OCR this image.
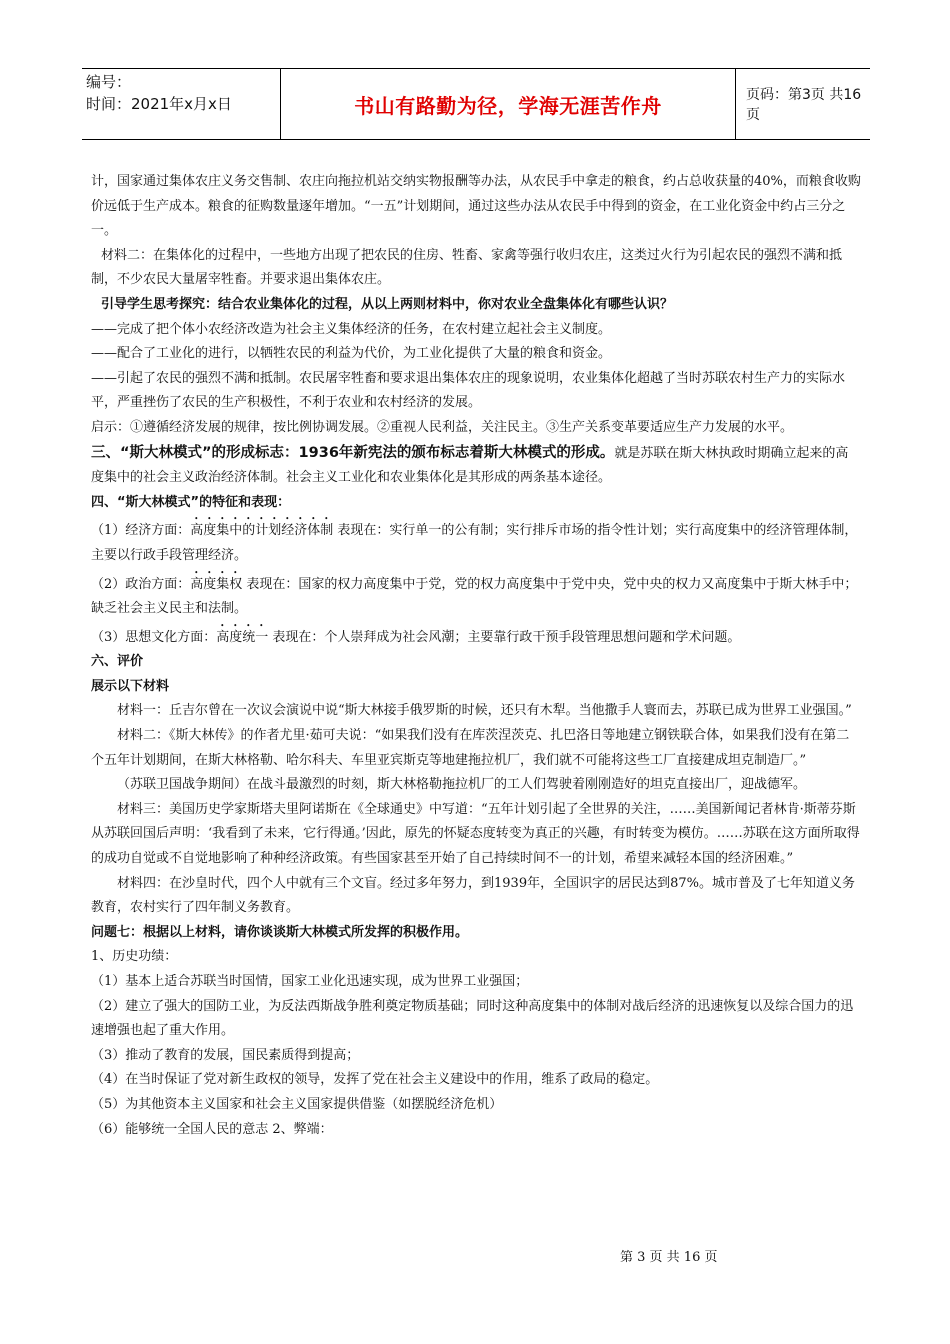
编号：
时间：2021年x月x日	书山有路勤为径，学海无涯苦作舟	页码：第3页 共16页

计，国家通过集体农庄义务交售制、农庄向拖拉机站交纳实物报酬等办法，从农民手中拿走的粮食，约占总收获量的40%，而粮食收购价远低于生产成本。粮食的征购数量逐年增加。“一五”计划期间，通过这些办法从农民手中得到的资金，在工业化资金中约占三分之一。

材料二：在集体化的过程中，一些地方出现了把农民的住房、牲畜、家禽等强行收归农庄，这类过火行为引起农民的强烈不满和抵制，不少农民大量屠宰牲畜。并要求退出集体农庄。

引导学生思考探究：结合农业集体化的过程，从以上两则材料中，你对农业全盘集体化有哪些认识？

——完成了把个体小农经济改造为社会主义集体经济的任务，在农村建立起社会主义制度。

——配合了工业化的进行，以牺牲农民的利益为代价，为工业化提供了大量的粮食和资金。

——引起了农民的强烈不满和抵制。农民屠宰牲畜和要求退出集体农庄的现象说明，农业集体化超越了当时苏联农村生产力的实际水平，严重挫伤了农民的生产积极性，不利于农业和农村经济的发展。

启示：①遵循经济发展的规律，按比例协调发展。②重视人民利益，关注民主。③生产关系变革要适应生产力发展的水平。

三、“斯大林模式”的形成标志：1936年新宪法的颁布标志着斯大林模式的形成。就是苏联在斯大林执政时期确立起来的高度集中的社会主义政治经济体制。社会主义工业化和农业集体化是其形成的两条基本途径。

四、“斯大林模式”的特征和表现：

（1）经济方面：高度集中的计划经济体制 表现在：实行单一的公有制；实行排斥市场的指令性计划；实行高度集中的经济管理体制，主要以行政手段管理经济。

（2）政治方面：高度集权 表现在：国家的权力高度集中于党，党的权力高度集中于党中央，党中央的权力又高度集中于斯大林手中；缺乏社会主义民主和法制。

（3）思想文化方面：高度统一 表现在：个人崇拜成为社会风潮；主要靠行政干预手段管理思想问题和学术问题。

六、评价

展示以下材料

材料一：丘吉尔曾在一次议会演说中说“斯大林接手俄罗斯的时候，还只有木犁。当他撒手人寰而去，苏联已成为世界工业强国。”

材料二：《斯大林传》的作者尤里·茹可夫说：“如果我们没有在库茨涅茨克、扎巴洛日等地建立钢铁联合体，如果我们没有在第二个五年计划期间，在斯大林格勒、哈尔科夫、车里亚宾斯克等地建拖拉机厂，我们就不可能将这些工厂直接建成坦克制造厂。”

（苏联卫国战争期间）在战斗最激烈的时刻，斯大林格勒拖拉机厂的工人们驾驶着刚刚造好的坦克直接出厂，迎战德军。

材料三：美国历史学家斯塔夫里阿诺斯在《全球通史》中写道：“五年计划引起了全世界的关注，……美国新闻记者林肯·斯蒂芬斯从苏联回国后声明：‘我看到了未来，它行得通。’因此，原先的怀疑态度转变为真正的兴趣，有时转变为模仿。……苏联在这方面所取得的成功自觉或不自觉地影响了种种经济政策。有些国家甚至开始了自己持续时间不一的计划，希望来减轻本国的经济困难。”

材料四：在沙皇时代，四个人中就有三个文盲。经过多年努力，到1939年，全国识字的居民达到87%。城市普及了七年知道义务教育，农村实行了四年制义务教育。

问题七：根据以上材料，请你谈谈斯大林模式所发挥的积极作用。

1、历史功绩：

（1）基本上适合苏联当时国情，国家工业化迅速实现，成为世界工业强国；

（2）建立了强大的国防工业，为反法西斯战争胜利奠定物质基础；同时这种高度集中的体制对战后经济的迅速恢复以及综合国力的迅速增强也起了重大作用。

（3）推动了教育的发展，国民素质得到提高；

（4）在当时保证了党对新生政权的领导，发挥了党在社会主义建设中的作用，维系了政局的稳定。

（5）为其他资本主义国家和社会主义国家提供借鉴（如摆脱经济危机）

（6）能够统一全国人民的意志 2、弊端：

第 3 页 共 16 页
